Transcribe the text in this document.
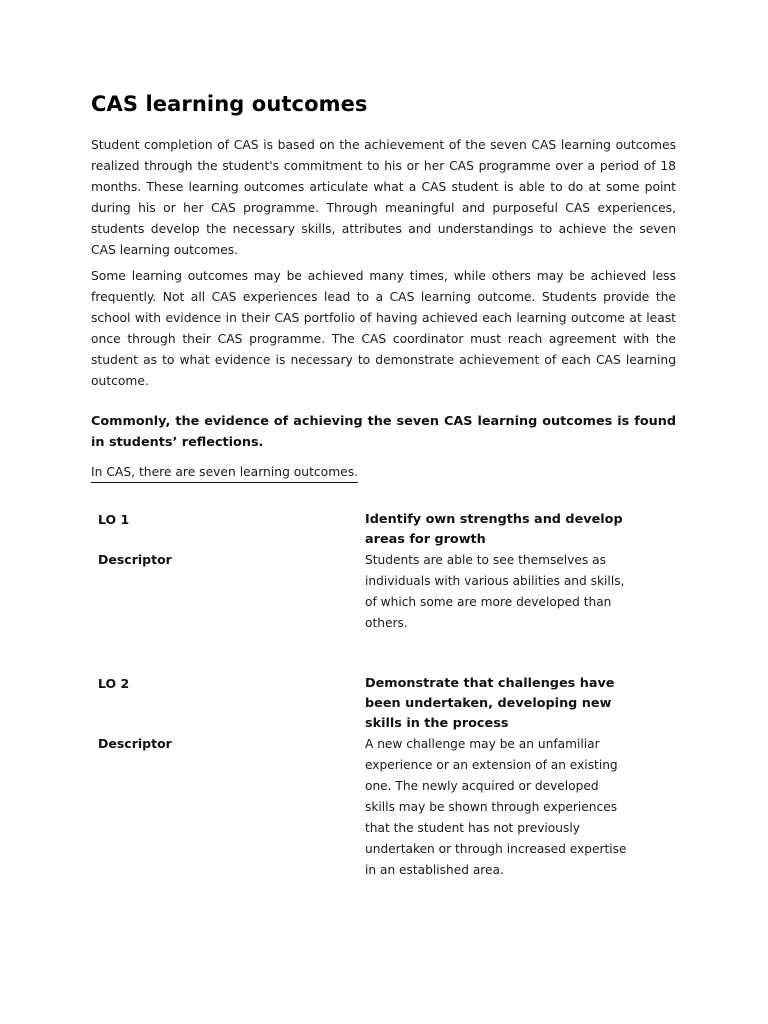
CAS learning outcomes

Student completion of CAS is based on the achievement of the seven CAS learning outcomes realized through the student's commitment to his or her CAS programme over a period of 18 months. These learning outcomes articulate what a CAS student is able to do at some point during his or her CAS programme. Through meaningful and purposeful CAS experiences, students develop the necessary skills, attributes and understandings to achieve the seven CAS learning outcomes.

Some learning outcomes may be achieved many times, while others may be achieved less frequently. Not all CAS experiences lead to a CAS learning outcome. Students provide the school with evidence in their CAS portfolio of having achieved each learning outcome at least once through their CAS programme. The CAS coordinator must reach agreement with the student as to what evidence is necessary to demonstrate achievement of each CAS learning outcome.

Commonly, the evidence of achieving the seven CAS learning outcomes is found in students’ reflections.

In CAS, there are seven learning outcomes.

LO 1	Identify own strengths and develop areas for growth
Descriptor	Students are able to see themselves as individuals with various abilities and skills, of which some are more developed than others.
LO 2	Demonstrate that challenges have been undertaken, developing new skills in the process
Descriptor	A new challenge may be an unfamiliar experience or an extension of an existing one. The newly acquired or developed skills may be shown through experiences that the student has not previously undertaken or through increased expertise in an established area.
